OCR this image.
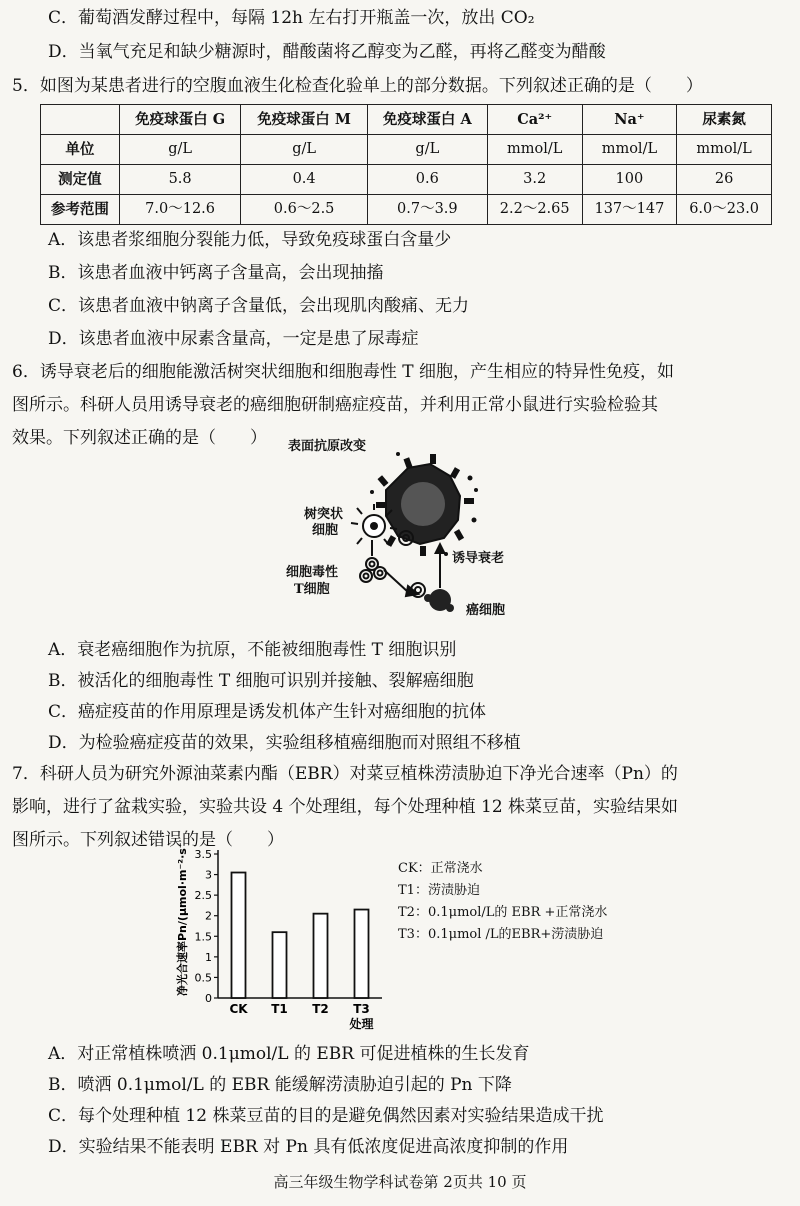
C．葡萄酒发酵过程中，每隔 12h 左右打开瓶盖一次，放出 CO₂
D．当氧气充足和缺少糖源时，醋酸菌将乙醇变为乙醛，再将乙醛变为醋酸
5．如图为某患者进行的空腹血液生化检查化验单上的部分数据。下列叙述正确的是（　　）
	免疫球蛋白 G	免疫球蛋白 M	免疫球蛋白 A	Ca²⁺	Na⁺	尿素氮
单位	g/L	g/L	g/L	mmol/L	mmol/L	mmol/L
测定值	5.8	0.4	0.6	3.2	100	26
参考范围	7.0～12.6	0.6～2.5	0.7～3.9	2.2～2.65	137～147	6.0～23.0
A．该患者浆细胞分裂能力低，导致免疫球蛋白含量少
B．该患者血液中钙离子含量高，会出现抽搐
C．该患者血液中钠离子含量低，会出现肌肉酸痛、无力
D．该患者血液中尿素含量高，一定是患了尿毒症
6．诱导衰老后的细胞能激活树突状细胞和细胞毒性 T 细胞，产生相应的特异性免疫，如
图所示。科研人员用诱导衰老的癌细胞研制癌症疫苗，并利用正常小鼠进行实验检验其
效果。下列叙述正确的是（　　） 表面抗原改变
树突状
细胞
细胞毒性
T细胞
诱导衰老
癌细胞
A．衰老癌细胞作为抗原，不能被细胞毒性 T 细胞识别
B．被活化的细胞毒性 T 细胞可识别并接触、裂解癌细胞
C．癌症疫苗的作用原理是诱发机体产生针对癌细胞的抗体
D．为检验癌症疫苗的效果，实验组移植癌细胞而对照组不移植
7．科研人员为研究外源油菜素内酯（EBR）对菜豆植株涝渍胁迫下净光合速率（Pn）的
影响，进行了盆栽实验，实验共设 4 个处理组，每个处理种植 12 株菜豆苗，实验结果如
图所示。下列叙述错误的是（　　）
净光合速率Pn/(μmol·m⁻²·s⁻¹)
处理
0
0.5
1
1.5
2
2.5
3
3.5
CK T1 T2 T3
CK：正常浇水
T1：涝渍胁迫
T2：0.1μmol/L的 EBR +正常浇水
T3：0.1μmol /L的EBR+涝渍胁迫
A．对正常植株喷洒 0.1μmol/L 的 EBR 可促进植株的生长发育
B．喷洒 0.1μmol/L 的 EBR 能缓解涝渍胁迫引起的 Pn 下降
C．每个处理种植 12 株菜豆苗的目的是避免偶然因素对实验结果造成干扰
D．实验结果不能表明 EBR 对 Pn 具有低浓度促进高浓度抑制的作用
高三年级生物学科试卷第 2页共 10 页
